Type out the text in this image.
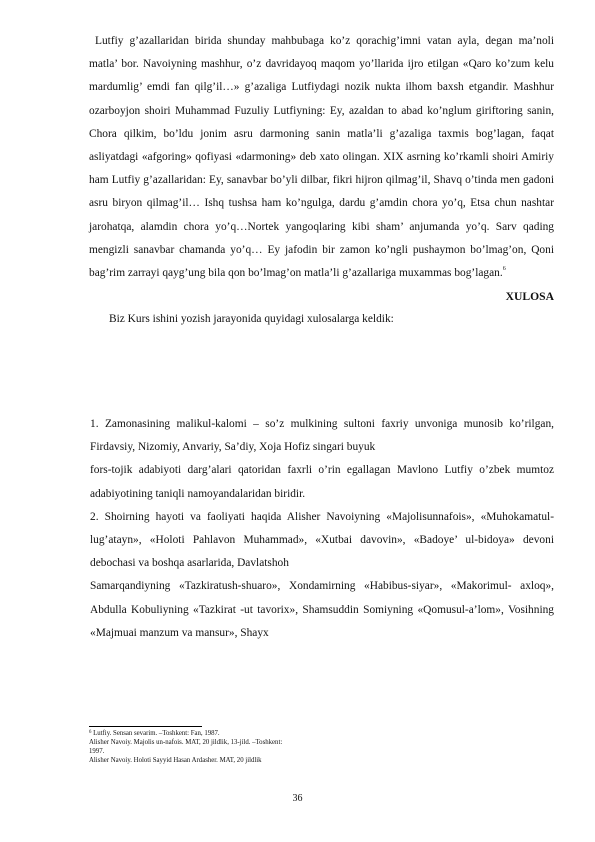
Lutfiy g’azallaridan birida shunday mahbubaga ko’z qorachig’imni vatan ayla, degan ma’noli matla’ bor. Navoiyning mashhur, o’z davridayoq maqom yo’llarida ijro etilgan «Qaro ko’zum kelu mardumlig’ emdi fan qilg’il…» g’azaliga Lutfiydagi nozik nukta ilhom baxsh etgandir. Mashhur ozarboyjon shoiri Muhammad Fuzuliy Lutfiyning: Ey, azaldan to abad ko’nglum giriftoring sanin, Chora qilkim, bo’ldu jonim asru darmoning sanin matla’li g’azaliga taxmis bog’lagan, faqat asliyatdagi «afgoring» qofiyasi «darmoning» deb xato olingan. XIX asrning ko’rkamli shoiri Amiriy ham Lutfiy g’azallaridan: Ey, sanavbar bo’yli dilbar, fikri hijron qilmag’il, Shavq o’tinda men gadoni asru biryon qilmag’il… Ishq tushsa ham ko’ngulga, dardu g’amdin chora yo’q, Etsa chun nashtar jarohatqa, alamdin chora yo’q…Nortek yangoqlaring kibi sham’ anjumanda yo’q. Sarv qading mengizli sanavbar chamanda yo’q… Ey jafodin bir zamon ko’ngli pushaymon bo’lmag’on, Qoni bag’rim zarrayi qayg’ung bila qon bo’lmag’on matla’li g’azallariga muxammas bog’lagan.$^6$

XULOSA

Biz Kurs ishini yozish jarayonida quyidagi xulosalarga keldik:

1. Zamonasining malikul-kalomi – so’z mulkining sultoni faxriy unvoniga munosib ko’rilgan, Firdavsiy, Nizomiy, Anvariy, Sa’diy, Xoja Hofiz singari buyuk

fors-tojik adabiyoti darg’alari qatoridan faxrli o’rin egallagan Mavlono Lutfiy o’zbek mumtoz adabiyotining taniqli namoyandalaridan biridir.

2. Shoirning hayoti va faoliyati haqida Alisher Navoiyning «Majolisunnafois», «Muhokamatul-lug’atayn», «Holoti Pahlavon Muhammad», «Xutbai davovin», «Badoye’ ul-bidoya» devoni debochasi va boshqa asarlarida, Davlatshoh

Samarqandiyning «Tazkiratush-shuaro», Xondamirning «Habibus-siyar», «Makorimul- axloq», Abdulla Kobuliyning «Tazkirat -ut tavorix», Shamsuddin Somiyning «Qomusul-a’lom», Vosihning «Majmuai manzum va mansur», Shayx

$^6$ Lutfiy. Sensan sevarim. –Toshkent: Fan, 1987.
Alisher Navoiy. Majolis un-nafois. MAT, 20 jildlik, 13-jild. –Toshkent:
1997.
Alisher Navoiy. Holoti Sayyid Hasan Ardasher. MAT, 20 jildlik
36
